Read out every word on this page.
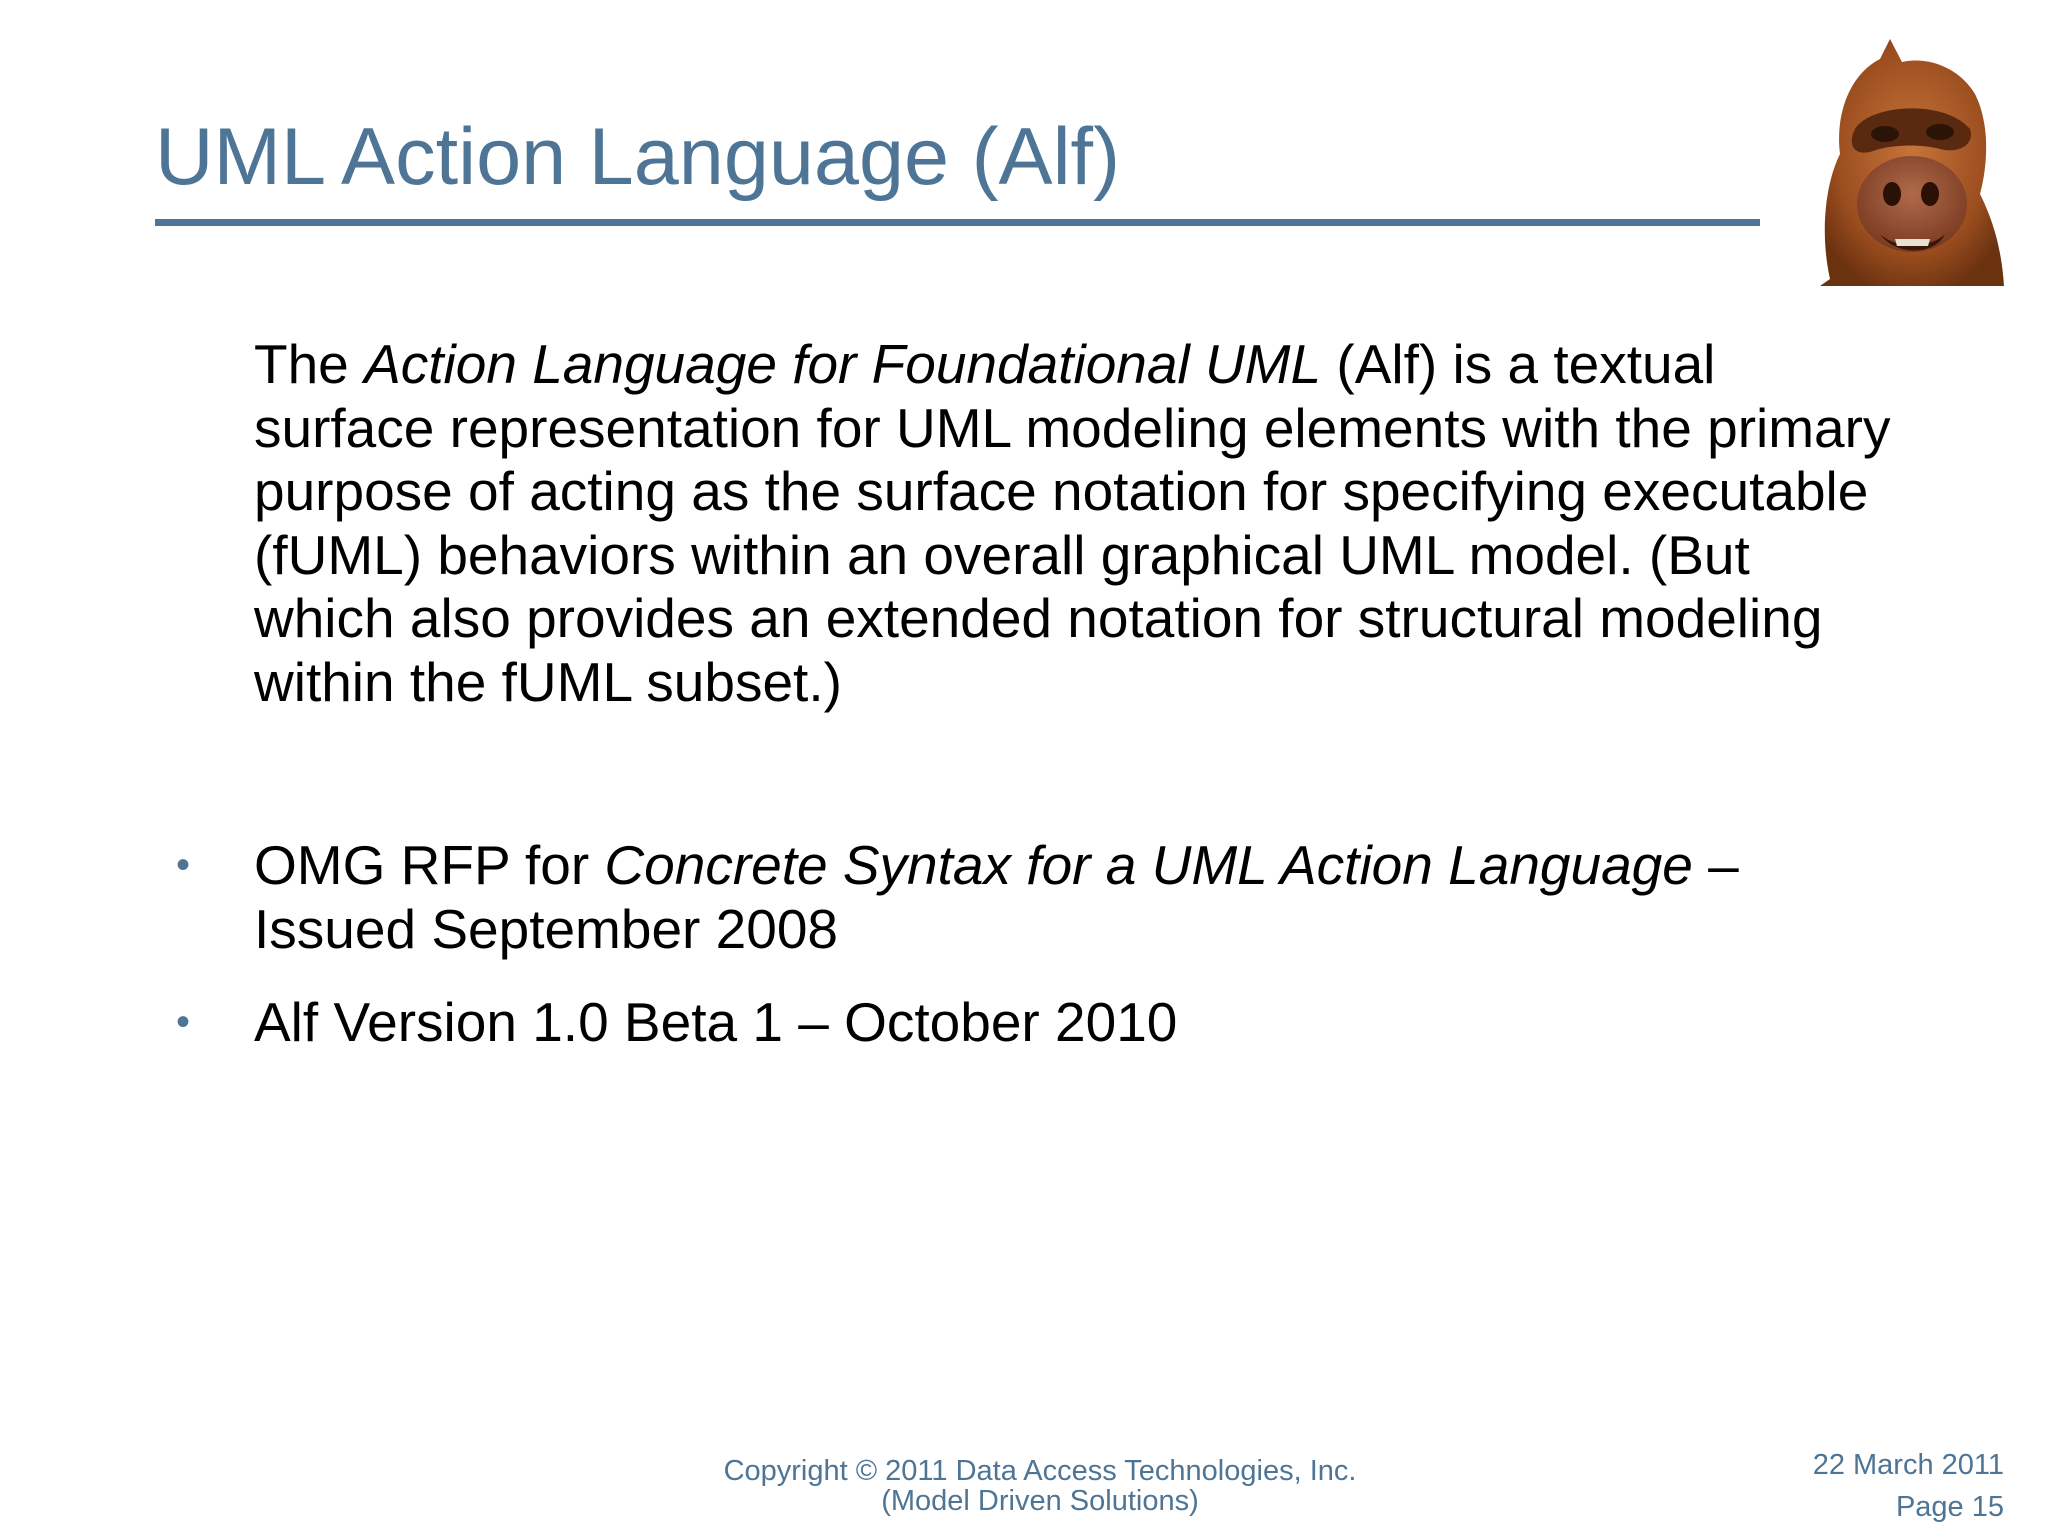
UML Action Language (Alf)
The Action Language for Foundational UML (Alf) is a textual surface representation for UML modeling elements with the primary purpose of acting as the surface notation for specifying executable (fUML) behaviors within an overall graphical UML model. (But which also provides an extended notation for structural modeling within the fUML subset.)
• OMG RFP for Concrete Syntax for a UML Action Language – Issued September 2008
• Alf Version 1.0 Beta 1 – October 2010
Copyright © 2011 Data Access Technologies, Inc.
(Model Driven Solutions)
22 March 2011
Page 15
